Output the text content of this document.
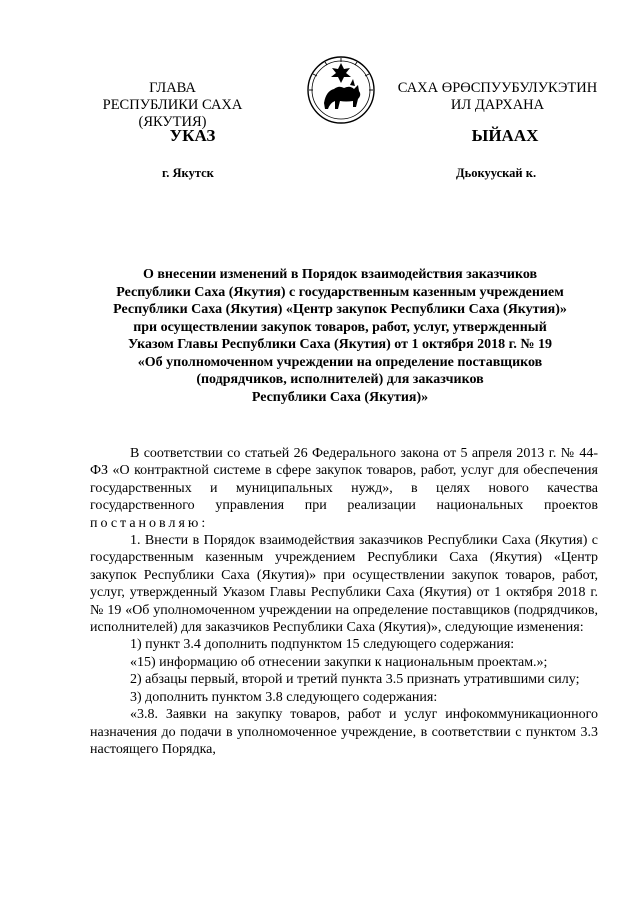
ГЛАВА
РЕСПУБЛИКИ САХА (ЯКУТИЯ)
САХА ӨРӨСПУУБУЛУКЭТИН
ИЛ ДАРХАНА
УКАЗ	ЫЙААХ
г. Якутск	Дьокуускай к.
О внесении изменений в Порядок взаимодействия заказчиков
Республики Саха (Якутия) с государственным казенным учреждением
Республики Саха (Якутия) «Центр закупок Республики Саха (Якутия)»
при осуществлении закупок товаров, работ, услуг, утвержденный
Указом Главы Республики Саха (Якутия) от 1 октября 2018 г. № 19
«Об уполномоченном учреждении на определение поставщиков
(подрядчиков, исполнителей) для заказчиков
Республики Саха (Якутия)»

В соответствии со статьей 26 Федерального закона от 5 апреля 2013 г. № 44-ФЗ «О контрактной системе в сфере закупок товаров, работ, услуг для обеспечения государственных и муниципальных нужд», в целях нового качества государственного управления при реализации национальных проектов постановляю:

1. Внести в Порядок взаимодействия заказчиков Республики Саха (Якутия) с государственным казенным учреждением Республики Саха (Якутия) «Центр закупок Республики Саха (Якутия)» при осуществлении закупок товаров, работ, услуг, утвержденный Указом Главы Республики Саха (Якутия) от 1 октября 2018 г. № 19 «Об уполномоченном учреждении на определение поставщиков (подрядчиков, исполнителей) для заказчиков Республики Саха (Якутия)», следующие изменения:

1) пункт 3.4 дополнить подпунктом 15 следующего содержания:

«15) информацию об отнесении закупки к национальным проектам.»;

2) абзацы первый, второй и третий пункта 3.5 признать утратившими силу;

3) дополнить пунктом 3.8 следующего содержания:

«3.8. Заявки на закупку товаров, работ и услуг инфокоммуникационного назначения до подачи в уполномоченное учреждение, в соответствии с пунктом 3.3 настоящего Порядка,
